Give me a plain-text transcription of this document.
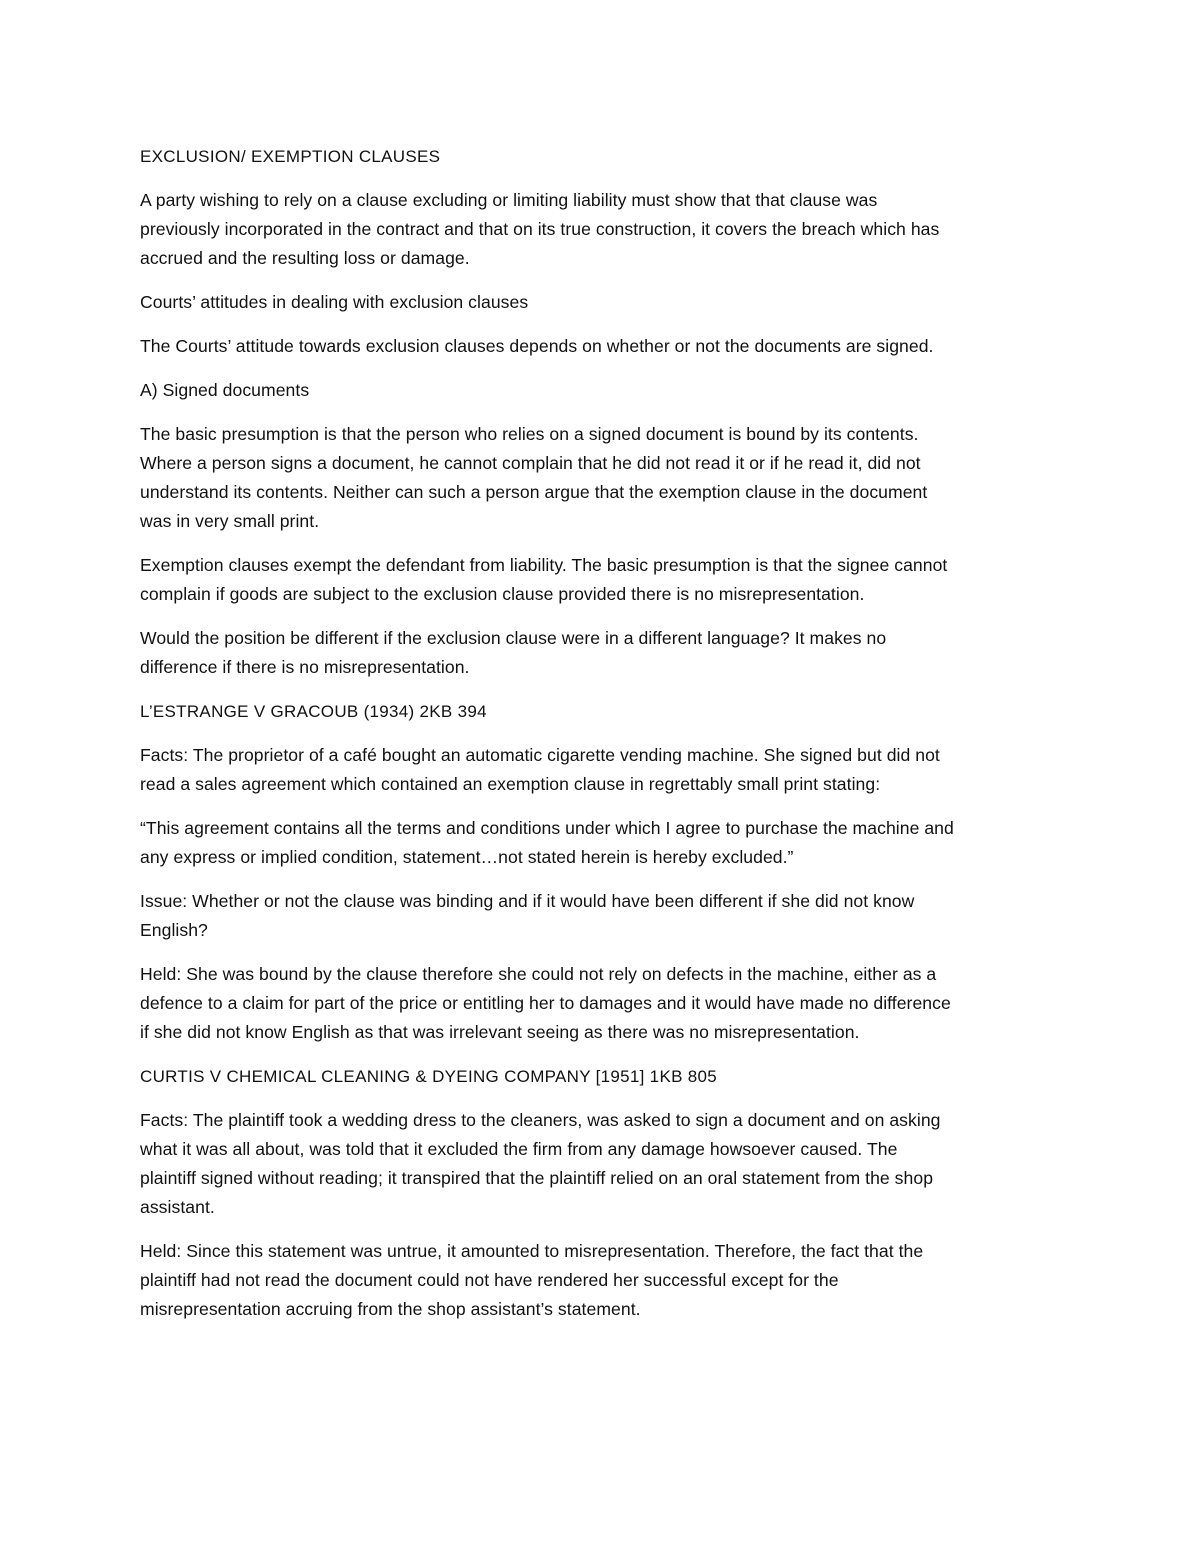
EXCLUSION/ EXEMPTION CLAUSES

A party wishing to rely on a clause excluding or limiting liability must show that that clause was
previously incorporated in the contract and that on its true construction, it covers the breach which has
accrued and the resulting loss or damage.

Courts’ attitudes in dealing with exclusion clauses

The Courts’ attitude towards exclusion clauses depends on whether or not the documents are signed.

A) Signed documents

The basic presumption is that the person who relies on a signed document is bound by its contents.
Where a person signs a document, he cannot complain that he did not read it or if he read it, did not
understand its contents. Neither can such a person argue that the exemption clause in the document
was in very small print.

Exemption clauses exempt the defendant from liability. The basic presumption is that the signee cannot
complain if goods are subject to the exclusion clause provided there is no misrepresentation.

Would the position be different if the exclusion clause were in a different language? It makes no
difference if there is no misrepresentation.

L’ESTRANGE V GRACOUB (1934) 2KB 394

Facts: The proprietor of a café bought an automatic cigarette vending machine. She signed but did not
read a sales agreement which contained an exemption clause in regrettably small print stating:

“This agreement contains all the terms and conditions under which I agree to purchase the machine and
any express or implied condition, statement…not stated herein is hereby excluded.”

Issue: Whether or not the clause was binding and if it would have been different if she did not know
English?

Held: She was bound by the clause therefore she could not rely on defects in the machine, either as a
defence to a claim for part of the price or entitling her to damages and it would have made no difference
if she did not know English as that was irrelevant seeing as there was no misrepresentation.

CURTIS V CHEMICAL CLEANING & DYEING COMPANY [1951] 1KB 805

Facts: The plaintiff took a wedding dress to the cleaners, was asked to sign a document and on asking
what it was all about, was told that it excluded the firm from any damage howsoever caused. The
plaintiff signed without reading; it transpired that the plaintiff relied on an oral statement from the shop
assistant.

Held: Since this statement was untrue, it amounted to misrepresentation. Therefore, the fact that the
plaintiff had not read the document could not have rendered her successful except for the
misrepresentation accruing from the shop assistant’s statement.
